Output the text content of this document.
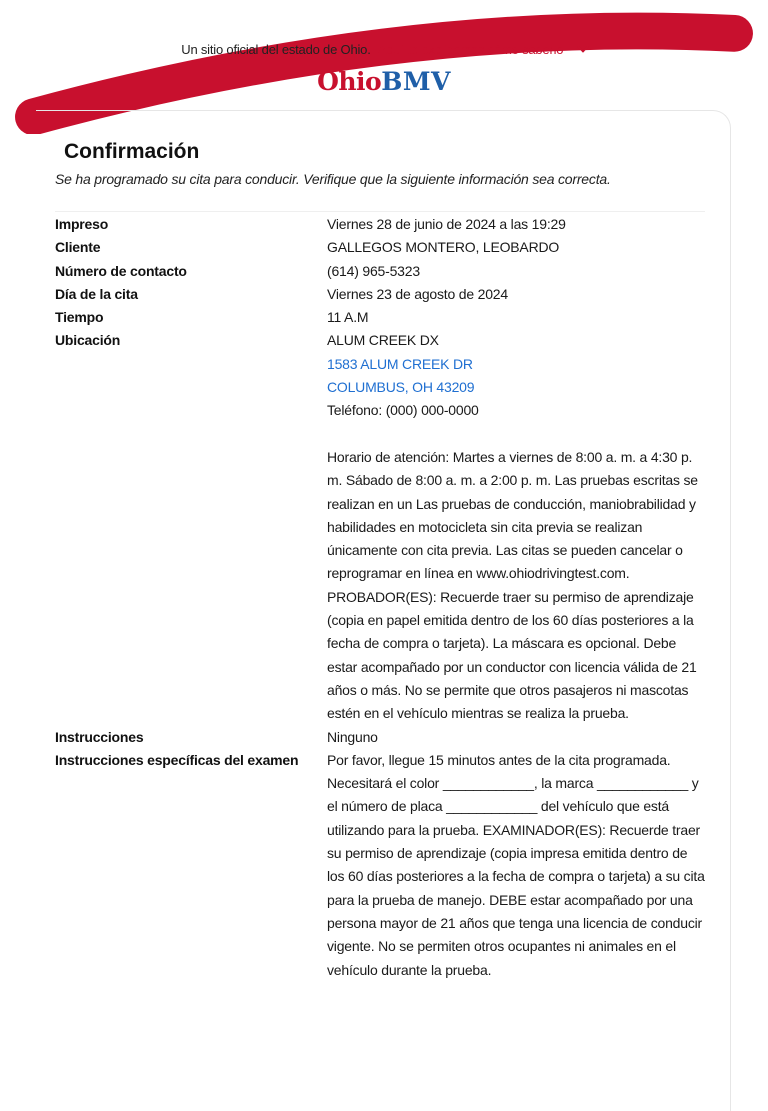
Un sitio oficial del estado de Ohio. Aquí te explicamos cómo saberlo
OhioBMV
Confirmación
Se ha programado su cita para conducir. Verifique que la siguiente información sea correcta.
Impreso	Viernes 28 de junio de 2024 a las 19:29
Cliente	GALLEGOS MONTERO, LEOBARDO
Número de contacto	(614) 965-5323
Día de la cita	Viernes 23 de agosto de 2024
Tiempo	11 A.M
Ubicación	ALUM CREEK DX
1583 ALUM CREEK DR
COLUMBUS, OH 43209
Teléfono: (000) 000-0000
Horario de atención: Martes a viernes de 8:00 a. m. a 4:30 p. m. Sábado de 8:00 a. m. a 2:00 p. m. Las pruebas escritas se realizan en un Las pruebas de conducción, maniobrabilidad y habilidades en motocicleta sin cita previa se realizan únicamente con cita previa. Las citas se pueden cancelar o reprogramar en línea en www.ohiodrivingtest.com. PROBADOR(ES): Recuerde traer su permiso de aprendizaje (copia en papel emitida dentro de los 60 días posteriores a la fecha de compra o tarjeta). La máscara es opcional. Debe estar acompañado por un conductor con licencia válida de 21 años o más. No se permite que otros pasajeros ni mascotas estén en el vehículo mientras se realiza la prueba.
Instrucciones	Ninguno
Instrucciones específicas del examen	Por favor, llegue 15 minutos antes de la cita programada. Necesitará el color ____________, la marca ____________ y el número de placa ____________ del vehículo que está utilizando para la prueba. EXAMINADOR(ES): Recuerde traer su permiso de aprendizaje (copia impresa emitida dentro de los 60 días posteriores a la fecha de compra o tarjeta) a su cita para la prueba de manejo. DEBE estar acompañado por una persona mayor de 21 años que tenga una licencia de conducir vigente. No se permiten otros ocupantes ni animales en el vehículo durante la prueba.
